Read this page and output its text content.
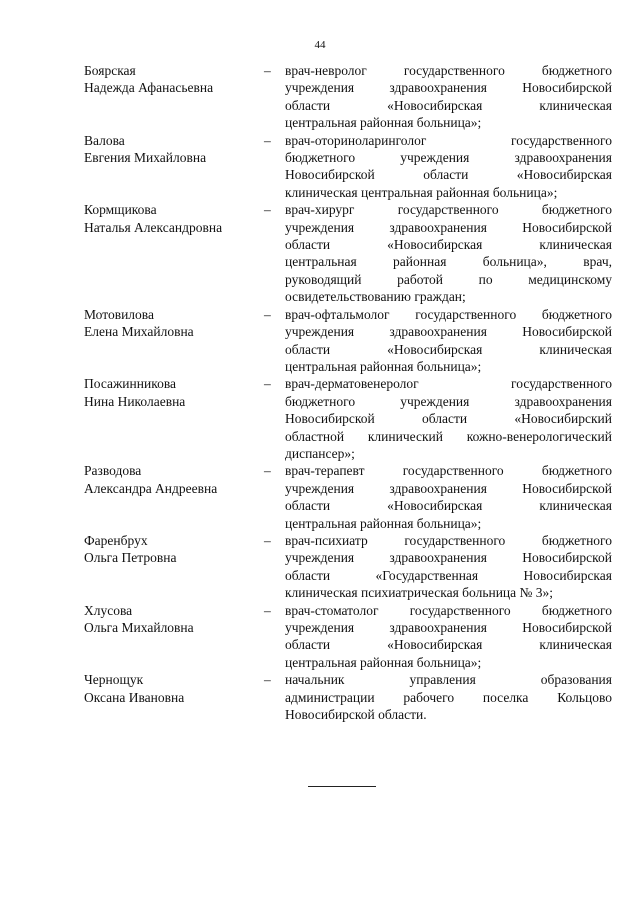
44
Боярская
Надежда Афанасьевна
–	врач-невролог государственного бюджетного
учреждения здравоохранения Новосибирской
области «Новосибирская клиническая
центральная районная больница»;
Валова
Евгения Михайловна
–	врач-оториноларинголог государственного
бюджетного учреждения здравоохранения
Новосибирской области «Новосибирская
клиническая центральная районная больница»;
Кормщикова
Наталья Александровна
–	врач-хирург государственного бюджетного
учреждения здравоохранения Новосибирской
области «Новосибирская клиническая
центральная районная больница», врач,
руководящий работой по медицинскому
освидетельствованию граждан;
Мотовилова
Елена Михайловна
–	врач-офтальмолог государственного бюджетного
учреждения здравоохранения Новосибирской
области «Новосибирская клиническая
центральная районная больница»;
Посажинникова
Нина Николаевна
–	врач-дерматовенеролог государственного
бюджетного учреждения здравоохранения
Новосибирской области «Новосибирский
областной клинический кожно-венерологический
диспансер»;
Разводова
Александра Андреевна
–	врач-терапевт государственного бюджетного
учреждения здравоохранения Новосибирской
области «Новосибирская клиническая
центральная районная больница»;
Фаренбрух
Ольга Петровна
–	врач-психиатр государственного бюджетного
учреждения здравоохранения Новосибирской
области «Государственная Новосибирская
клиническая психиатрическая больница № 3»;
Хлусова
Ольга Михайловна
–	врач-стоматолог государственного бюджетного
учреждения здравоохранения Новосибирской
области «Новосибирская клиническая
центральная районная больница»;
Чернощук
Оксана Ивановна
–	начальник управления образования
администрации рабочего поселка Кольцово
Новосибирской области.
